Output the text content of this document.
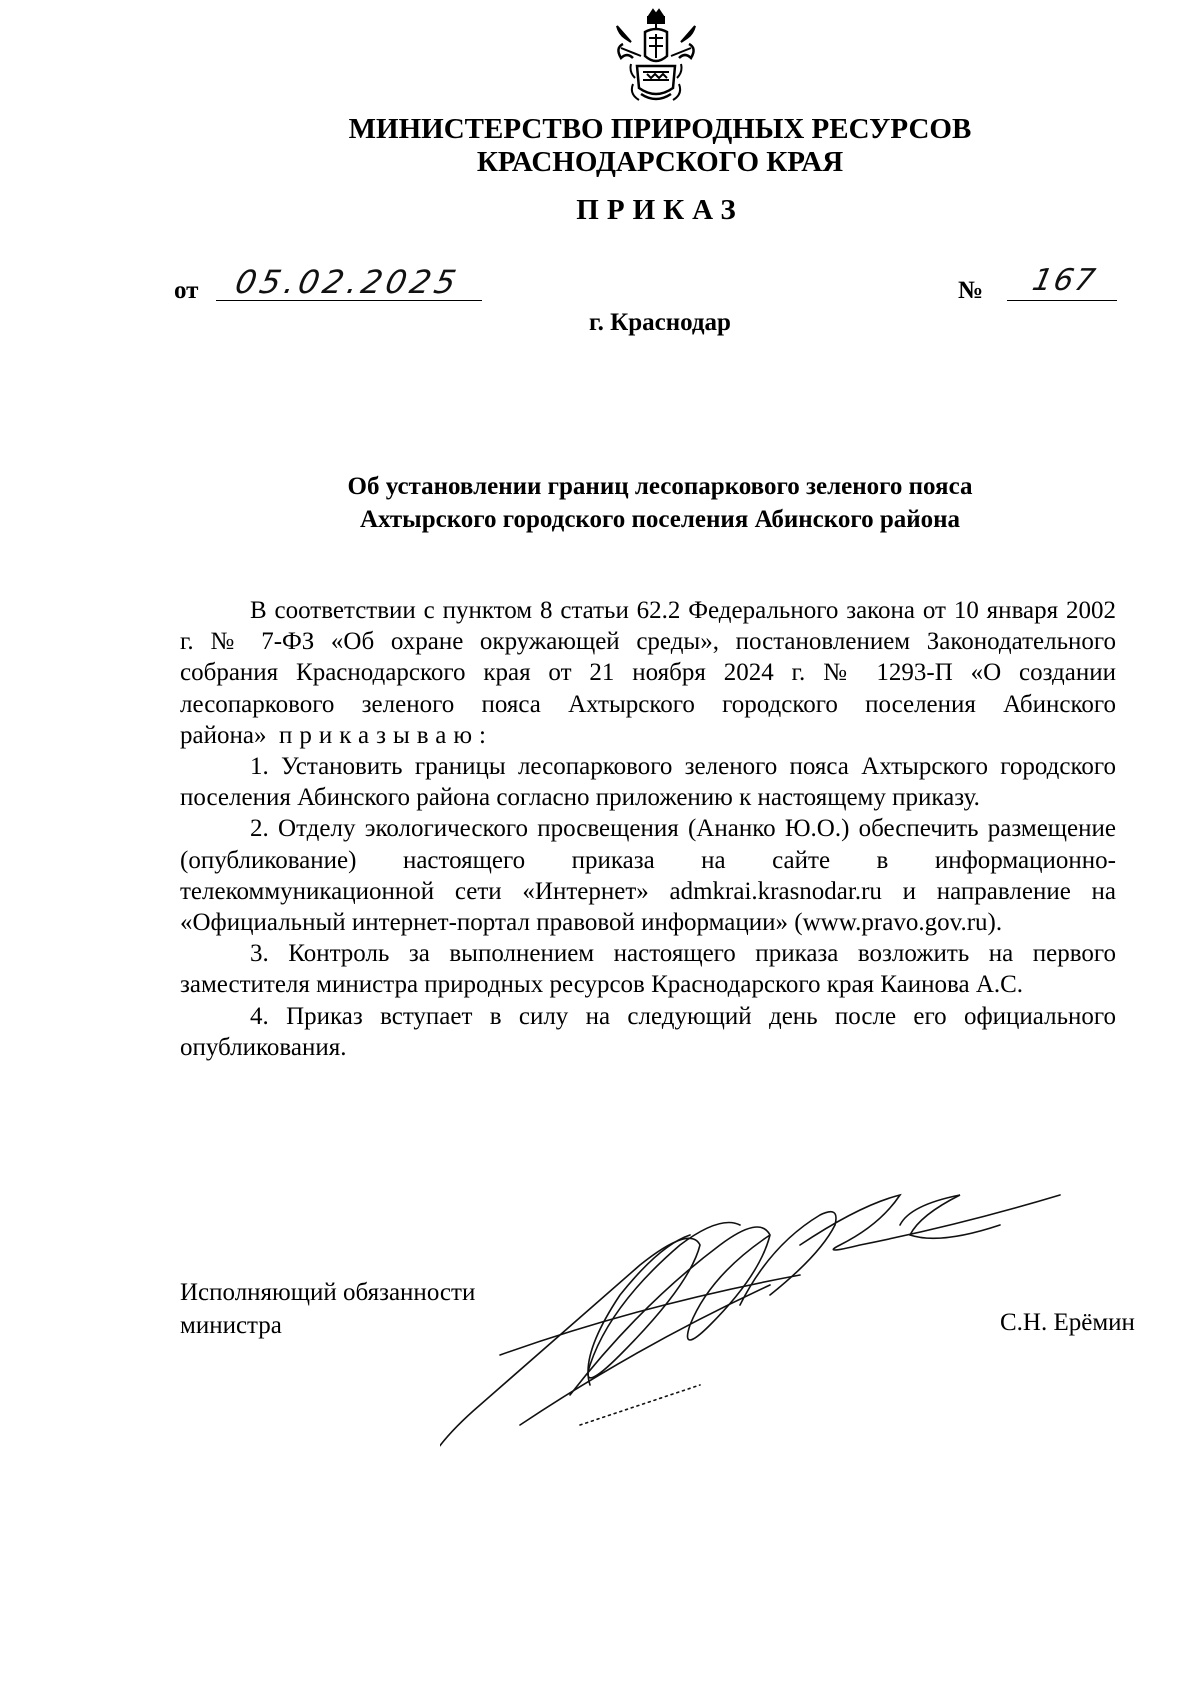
МИНИСТЕРСТВО ПРИРОДНЫХ РЕСУРСОВ
КРАСНОДАРСКОГО КРАЯ
ПРИКАЗ
от 05.02.2025	№ 167
г. Краснодар
Об установлении границ лесопаркового зеленого пояса
Ахтырского городского поселения Абинского района

В соответствии с пунктом 8 статьи 62.2 Федерального закона от 10 января 2002 г. № 7-ФЗ «Об охране окружающей среды», постановлением Законодательного собрания Краснодарского края от 21 ноября 2024 г. № 1293-П «О создании лесопаркового зеленого пояса Ахтырского городского поселения Абинского района» приказываю:

1. Установить границы лесопаркового зеленого пояса Ахтырского городского поселения Абинского района согласно приложению к настоящему приказу.

2. Отделу экологического просвещения (Ананко Ю.О.) обеспечить размещение (опубликование) настоящего приказа на сайте в информационно-телекоммуникационной сети «Интернет» admkrai.krasnodar.ru и направление на «Официальный интернет-портал правовой информации» (www.pravo.gov.ru).

3. Контроль за выполнением настоящего приказа возложить на первого заместителя министра природных ресурсов Краснодарского края Каинова А.С.

4. Приказ вступает в силу на следующий день после его официального опубликования.

Исполняющий обязанности
министра	С.Н. Ерёмин
